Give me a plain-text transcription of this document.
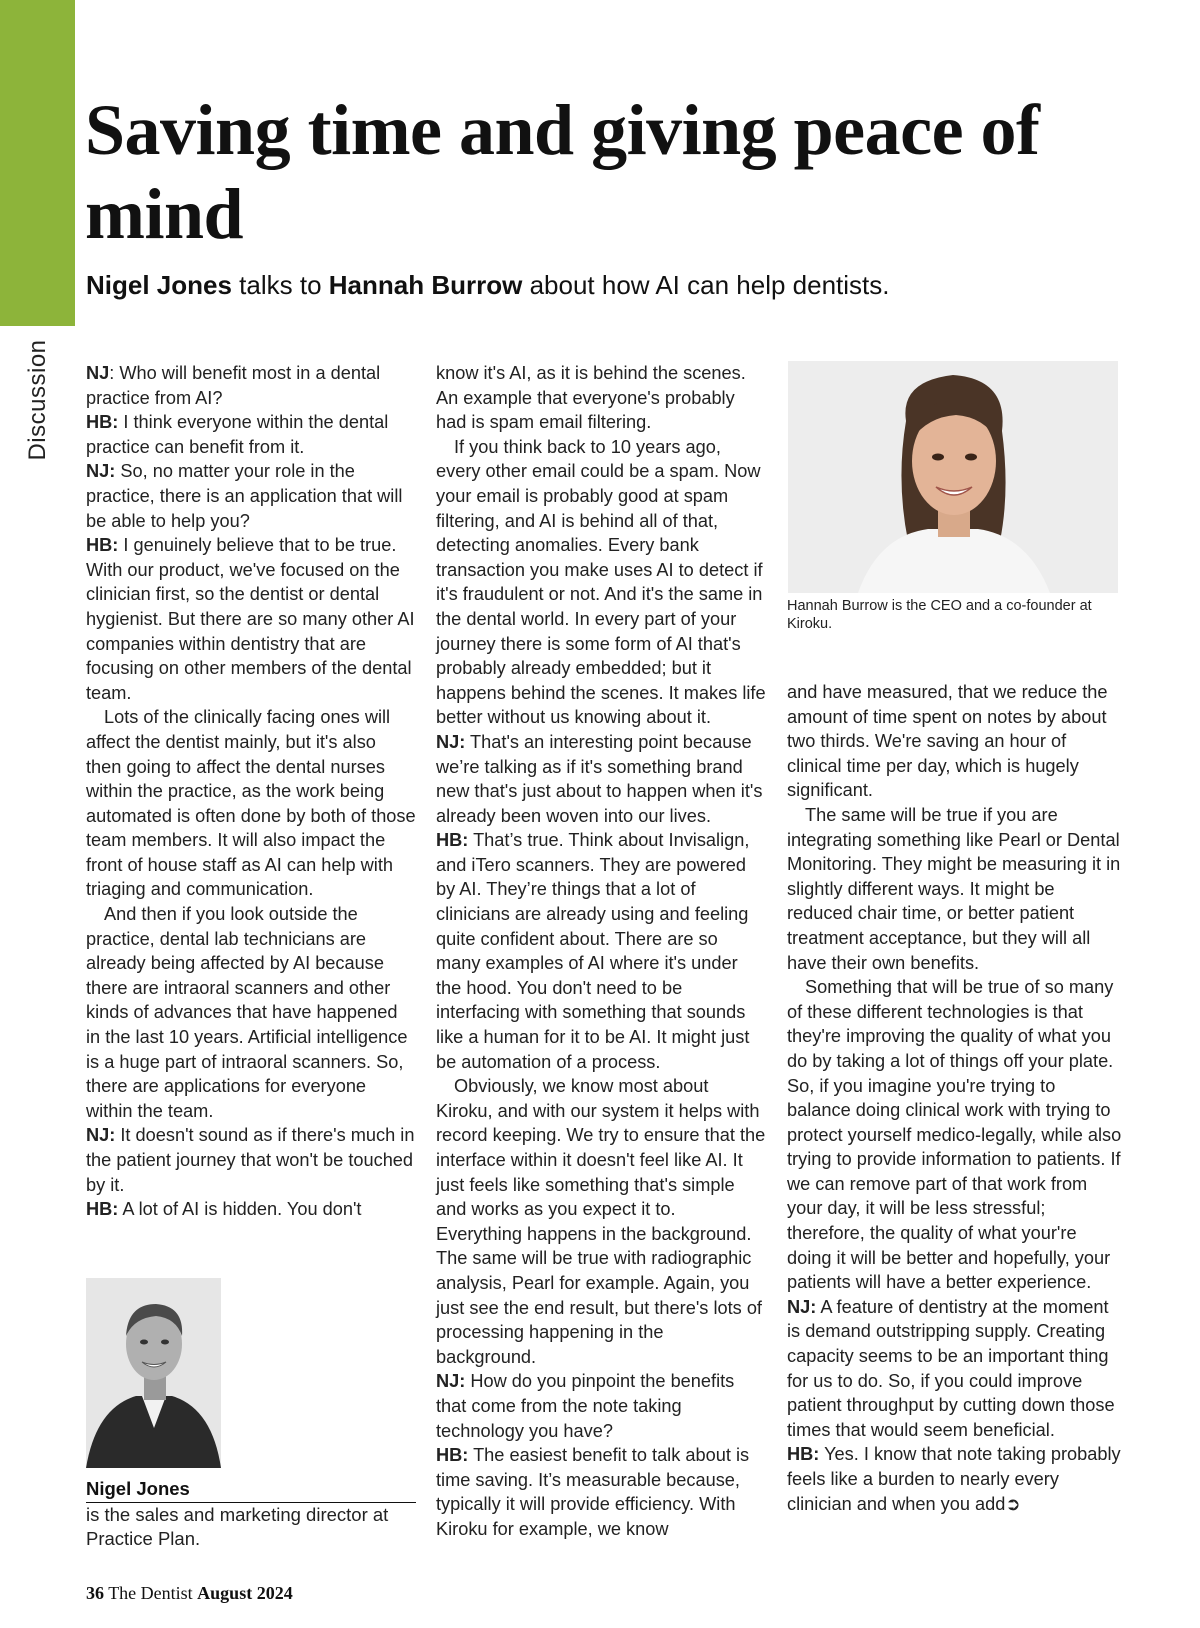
Discussion
Saving time and giving peace of mind

Nigel Jones talks to Hannah Burrow about how AI can help dentists.

NJ: Who will benefit most in a dental practice from AI?

HB: I think everyone within the dental practice can benefit from it.

NJ: So, no matter your role in the practice, there is an application that will be able to help you?

HB: I genuinely believe that to be true. With our product, we've focused on the clinician first, so the dentist or dental hygienist. But there are so many other AI companies within dentistry that are focusing on other members of the dental team.

Lots of the clinically facing ones will affect the dentist mainly, but it's also then going to affect the dental nurses within the practice, as the work being automated is often done by both of those team members. It will also impact the front of house staff as AI can help with triaging and communication.

And then if you look outside the practice, dental lab technicians are already being affected by AI because there are intraoral scanners and other kinds of advances that have happened in the last 10 years. Artificial intelligence is a huge part of intraoral scanners. So, there are applications for everyone within the team.

NJ: It doesn't sound as if there's much in the patient journey that won't be touched by it.

HB: A lot of AI is hidden. You don't

know it's AI, as it is behind the scenes. An example that everyone's probably had is spam email filtering.

If you think back to 10 years ago, every other email could be a spam. Now your email is probably good at spam filtering, and AI is behind all of that, detecting anomalies. Every bank transaction you make uses AI to detect if it's fraudulent or not. And it's the same in the dental world. In every part of your journey there is some form of AI that's probably already embedded; but it happens behind the scenes. It makes life better without us knowing about it.

NJ: That's an interesting point because we’re talking as if it's something brand new that's just about to happen when it's already been woven into our lives.

HB: That’s true. Think about Invisalign, and iTero scanners. They are powered by AI. They’re things that a lot of clinicians are already using and feeling quite confident about. There are so many examples of AI where it's under the hood. You don't need to be interfacing with something that sounds like a human for it to be AI. It might just be automation of a process.

Obviously, we know most about Kiroku, and with our system it helps with record keeping. We try to ensure that the interface within it doesn't feel like AI. It just feels like something that's simple and works as you expect it to. Everything happens in the background. The same will be true with radiographic analysis, Pearl for example. Again, you just see the end result, but there's lots of processing happening in the background.

NJ: How do you pinpoint the benefits that come from the note taking technology you have?

HB: The easiest benefit to talk about is time saving. It’s measurable because, typically it will provide efficiency. With Kiroku for example, we know

and have measured, that we reduce the amount of time spent on notes by about two thirds. We're saving an hour of clinical time per day, which is hugely significant.

The same will be true if you are integrating something like Pearl or Dental Monitoring. They might be measuring it in slightly different ways. It might be reduced chair time, or better patient treatment acceptance, but they will all have their own benefits.

Something that will be true of so many of these different technologies is that they're improving the quality of what you do by taking a lot of things off your plate. So, if you imagine you're trying to balance doing clinical work with trying to protect yourself medico-legally, while also trying to provide information to patients. If we can remove part of that work from your day, it will be less stressful; therefore, the quality of what your're doing it will be better and hopefully, your patients will have a better experience.

NJ: A feature of dentistry at the moment is demand outstripping supply. Creating capacity seems to be an important thing for us to do. So, if you could improve patient throughput by cutting down those times that would seem beneficial.

HB: Yes. I know that note taking probably feels like a burden to nearly every clinician and when you add➲

Hannah Burrow is the CEO and a co-founder at Kiroku.
Nigel Jones
is the sales and marketing director at Practice Plan.
36 The Dentist August 2024
